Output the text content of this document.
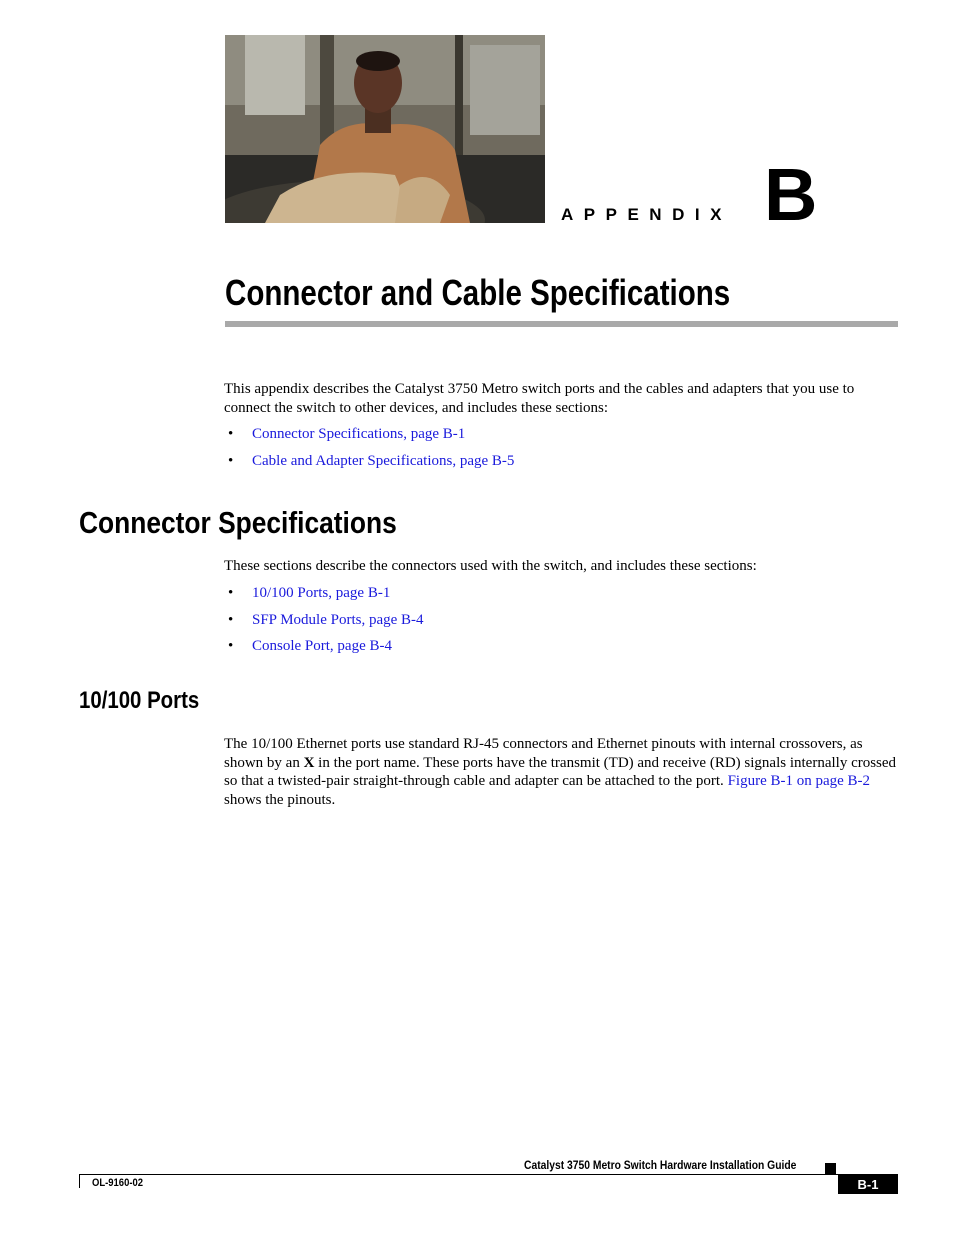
APPENDIX B
Connector and Cable Specifications
This appendix describes the Catalyst 3750 Metro switch ports and the cables and adapters that you use to connect the switch to other devices, and includes these sections:
• Connector Specifications, page B-1
• Cable and Adapter Specifications, page B-5
Connector Specifications
These sections describe the connectors used with the switch, and includes these sections:
• 10/100 Ports, page B-1
• SFP Module Ports, page B-4
• Console Port, page B-4
10/100 Ports
The 10/100 Ethernet ports use standard RJ-45 connectors and Ethernet pinouts with internal crossovers, as shown by an X in the port name. These ports have the transmit (TD) and receive (RD) signals internally crossed so that a twisted-pair straight-through cable and adapter can be attached to the port. Figure B-1 on page B-2 shows the pinouts.
Catalyst 3750 Metro Switch Hardware Installation Guide
OL-9160-02	B-1
